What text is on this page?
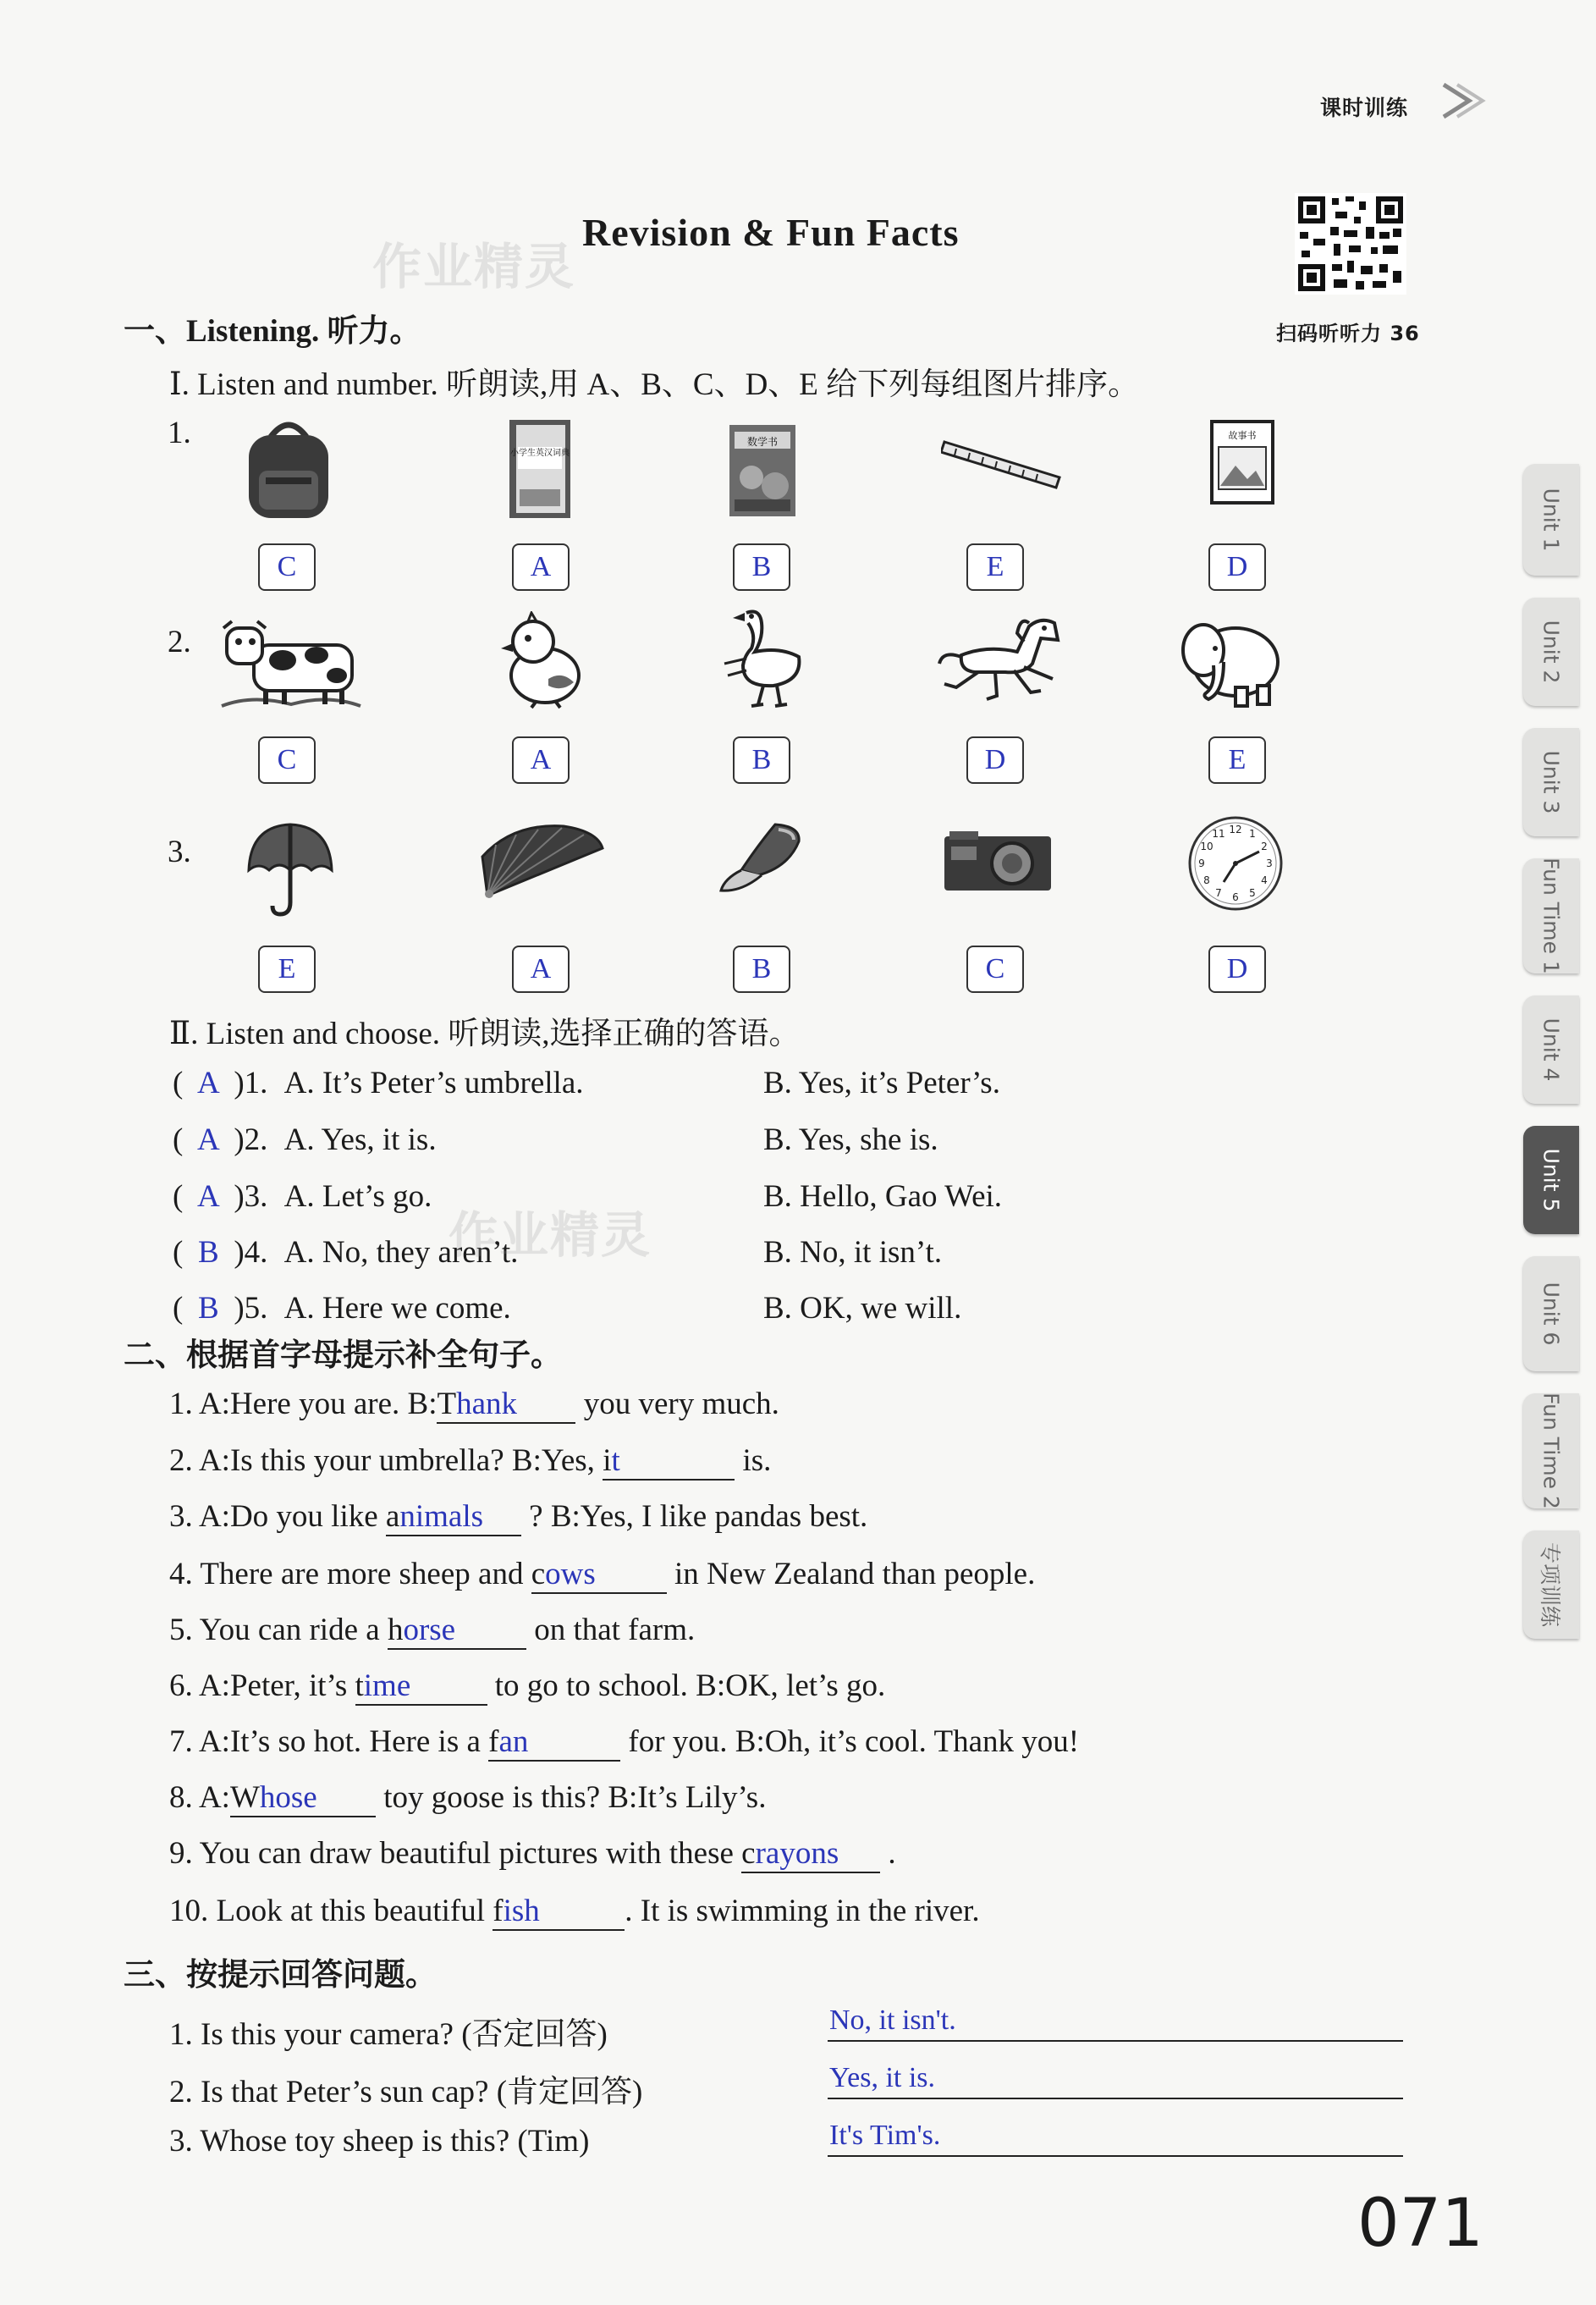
课时训练
作业精灵
Revision & Fun Facts
扫码听听力 36
一、Listening. 听力。
Ⅰ. Listen and number. 听朗读,用 A、B、C、D、E 给下列每组图片排序。
1.
小学生英汉词典
数学书	故事书
C	A	B	E	D
2.
C	A	B	D	E
3.
12
3
6
9
10
8
7	5
4
2
1
11
E	A	B	C	D
Ⅱ. Listen and choose. 听朗读,选择正确的答语。
( A )1. A. It’s Peter’s umbrella.	B. Yes, it’s Peter’s.
( A )2. A. Yes, it is.	B. Yes, she is.
( A )3. A. Let’s go.	B. Hello, Gao Wei.
( B )4. A. No, they aren’t.	B. No, it isn’t.
作业精灵
( B )5. A. Here we come.	B. OK, we will.
二、根据首字母提示补全句子。
1. A:Here you are. B:Thank you very much.
2. A:Is this your umbrella? B:Yes, it	is.
3. A:Do you like animals ? B:Yes, I like pandas best.
4. There are more sheep and cows in New Zealand than people.
5. You can ride a horse on that farm.
6. A:Peter, it’s time to go to school. B:OK, let’s go.
7. A:It’s so hot. Here is a fan	for you. B:Oh, it’s cool. Thank you!
8. A:Whose toy goose is this? B:It’s Lily’s.
9. You can draw beautiful pictures with these crayons .
10. Look at this beautiful fish	. It is swimming in the river.
三、按提示回答问题。
1. Is this your camera? (否定回答)	No, it isn't.
2. Is that Peter’s sun cap? (肯定回答)	Yes, it is.
3. Whose toy sheep is this? (Tim)	It's Tim's.
Unit 1
Unit 2
Unit 3
Fun Time 1
Unit 4
Unit 5
Unit 6
Fun Time 2
专项训练
071
